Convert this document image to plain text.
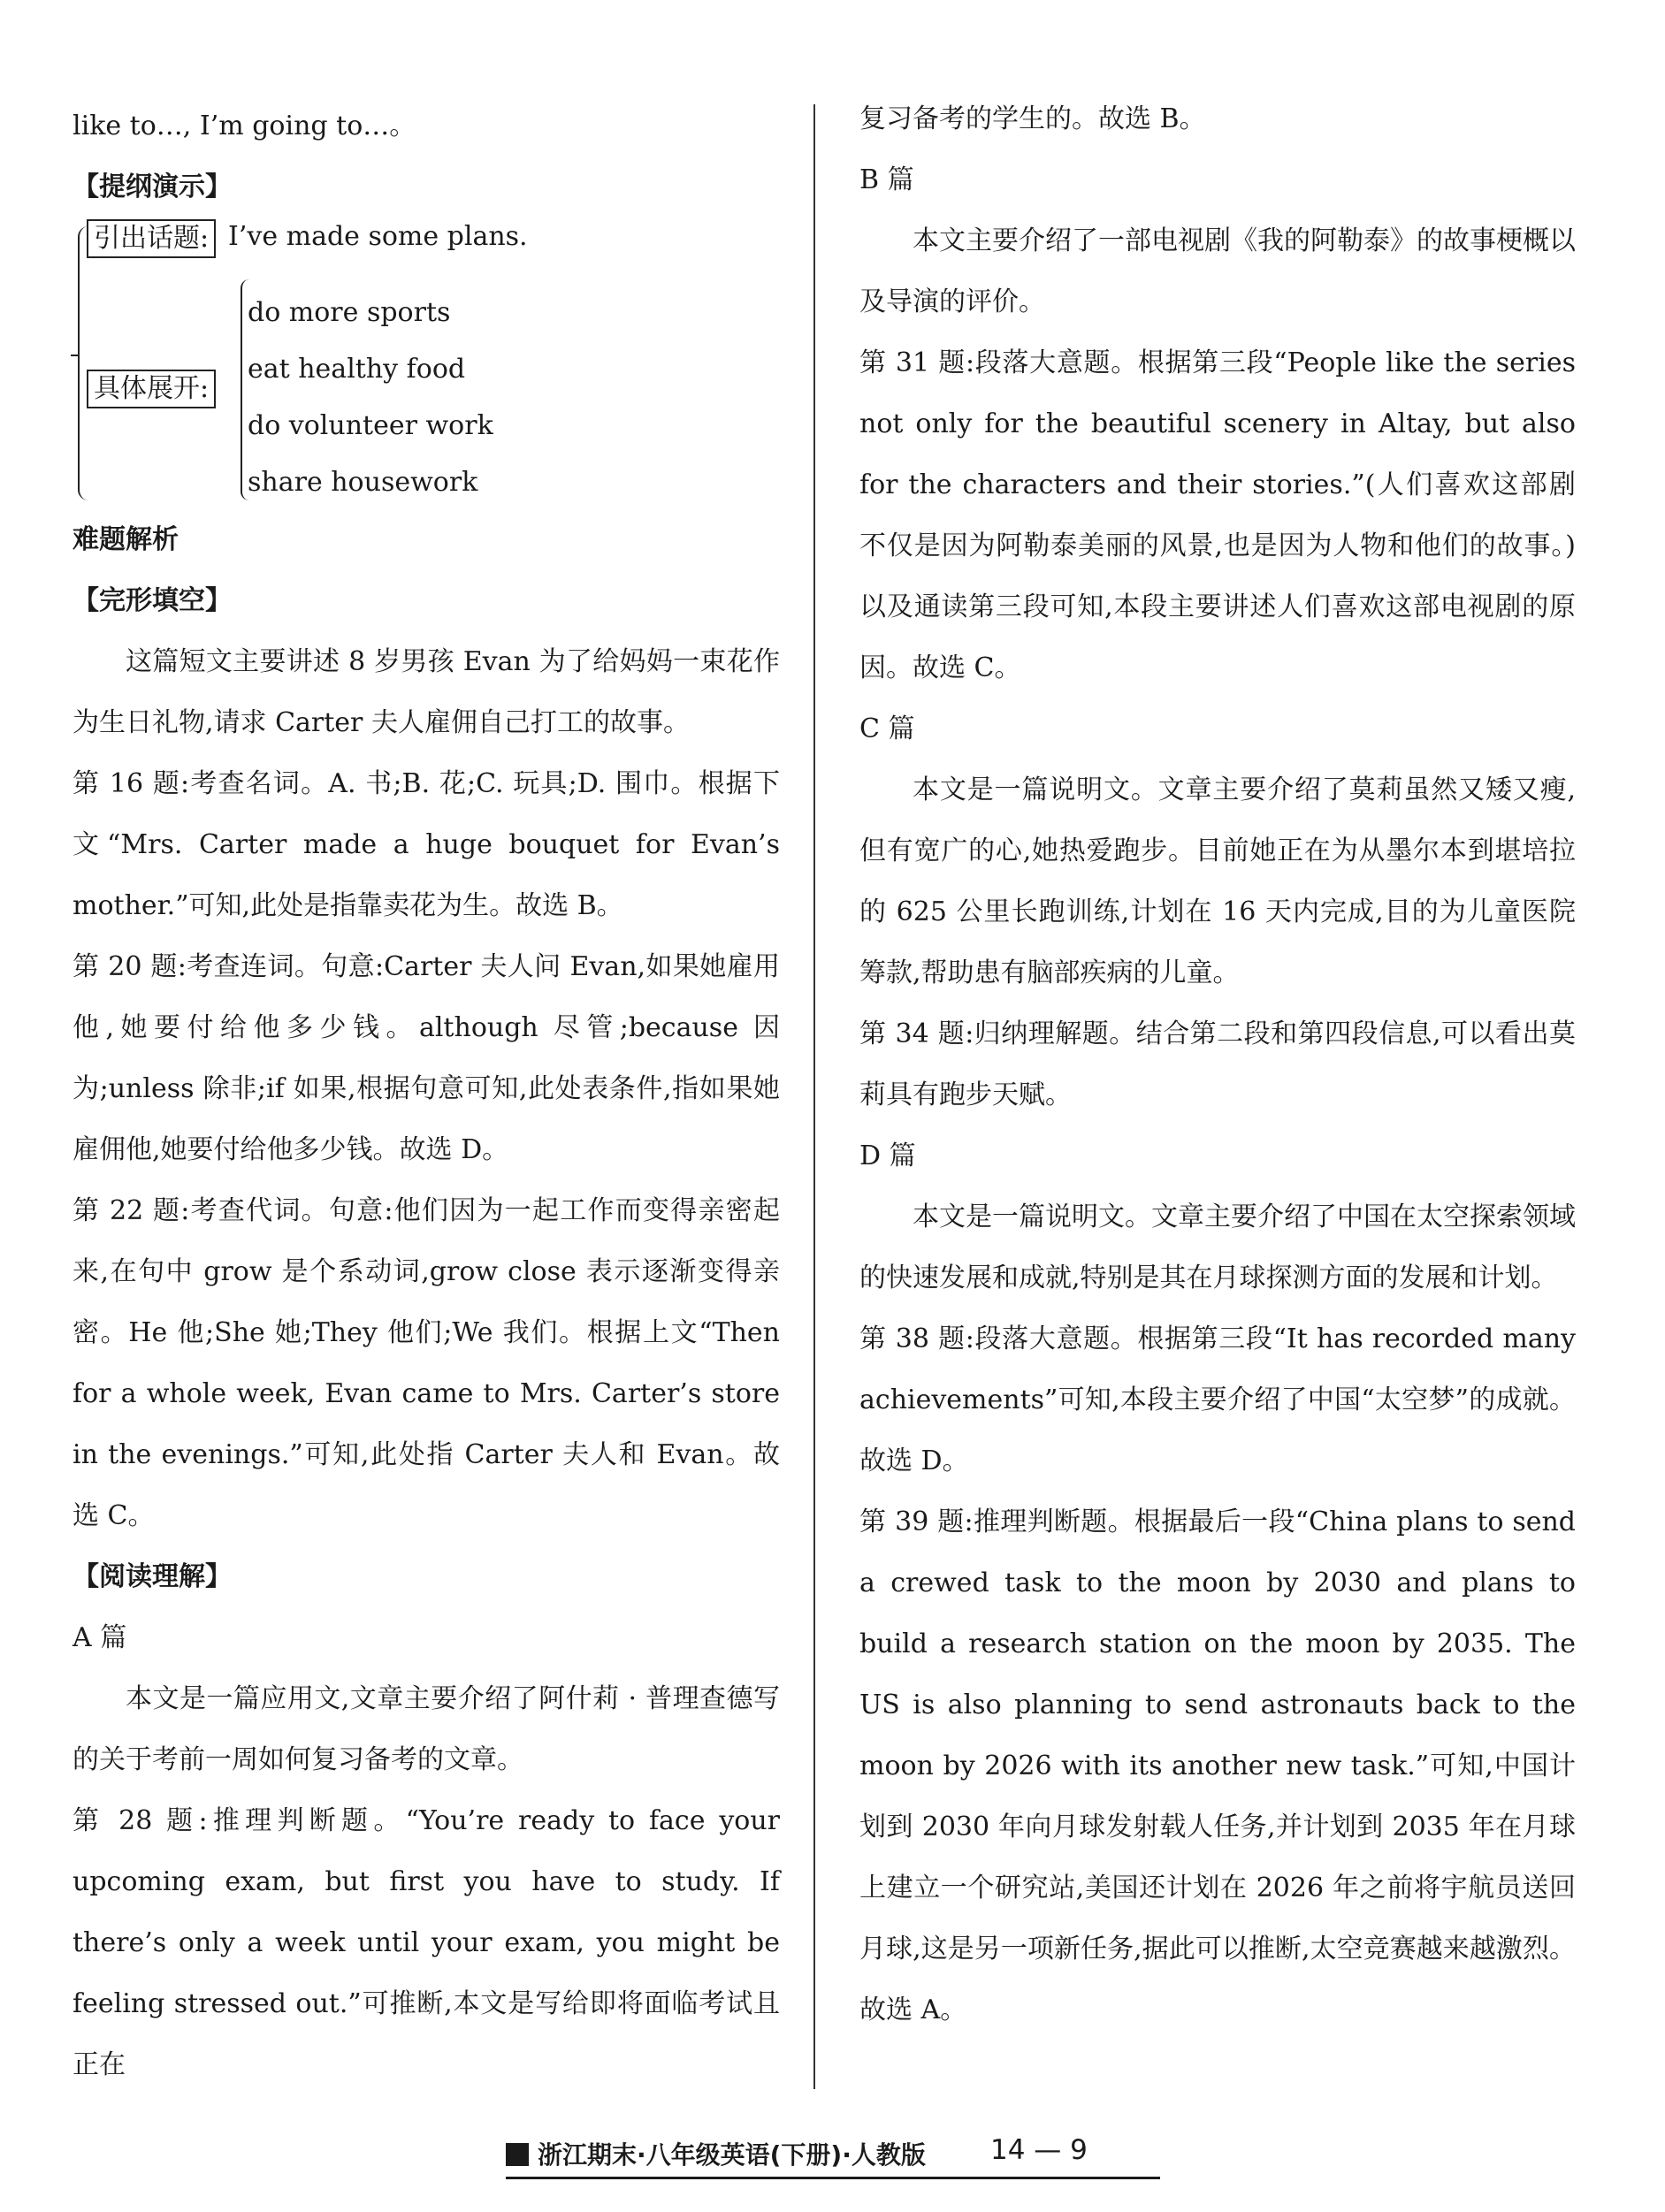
like to…, I’m going to…。

【提纲演示】

引出话题: I’ve made some plans.
具体展开:
do more sports
eat healthy food
do volunteer work
share housework

难题解析

【完形填空】

这篇短文主要讲述 8 岁男孩 Evan 为了给妈妈一束花作为生日礼物,请求 Carter 夫人雇佣自己打工的故事。

第 16 题:考查名词。A. 书;B. 花;C. 玩具;D. 围巾。根据下文“Mrs. Carter made a huge bouquet for Evan’s mother.”可知,此处是指靠卖花为生。故选 B。

第 20 题:考查连词。句意:Carter 夫人问 Evan,如果她雇用他,她要付给他多少钱。although 尽管;because 因为;unless 除非;if 如果,根据句意可知,此处表条件,指如果她雇佣他,她要付给他多少钱。故选 D。

第 22 题:考查代词。句意:他们因为一起工作而变得亲密起来,在句中 grow 是个系动词,grow close 表示逐渐变得亲密。He 他;She 她;They 他们;We 我们。根据上文“Then for a whole week, Evan came to Mrs. Carter’s store in the evenings.”可知,此处指 Carter 夫人和 Evan。故选 C。

【阅读理解】

A 篇

本文是一篇应用文,文章主要介绍了阿什莉 · 普理查德写的关于考前一周如何复习备考的文章。

第 28 题:推理判断题。“You’re ready to face your upcoming exam, but first you have to study. If there’s only a week until your exam, you might be feeling stressed out.”可推断,本文是写给即将面临考试且正在

复习备考的学生的。故选 B。

B 篇

本文主要介绍了一部电视剧《我的阿勒泰》的故事梗概以及导演的评价。

第 31 题:段落大意题。根据第三段“People like the series not only for the beautiful scenery in Altay, but also for the characters and their stories.”(人们喜欢这部剧不仅是因为阿勒泰美丽的风景,也是因为人物和他们的故事。)以及通读第三段可知,本段主要讲述人们喜欢这部电视剧的原因。故选 C。

C 篇

本文是一篇说明文。文章主要介绍了莫莉虽然又矮又瘦,但有宽广的心,她热爱跑步。目前她正在为从墨尔本到堪培拉的 625 公里长跑训练,计划在 16 天内完成,目的为儿童医院筹款,帮助患有脑部疾病的儿童。

第 34 题:归纳理解题。结合第二段和第四段信息,可以看出莫莉具有跑步天赋。

D 篇

本文是一篇说明文。文章主要介绍了中国在太空探索领域的快速发展和成就,特别是其在月球探测方面的发展和计划。

第 38 题:段落大意题。根据第三段“It has recorded many achievements”可知,本段主要介绍了中国“太空梦”的成就。故选 D。

第 39 题:推理判断题。根据最后一段“China plans to send a crewed task to the moon by 2030 and plans to build a research station on the moon by 2035. The US is also planning to send astronauts back to the moon by 2026 with its another new task.”可知,中国计划到 2030 年向月球发射载人任务,并计划到 2035 年在月球上建立一个研究站,美国还计划在 2026 年之前将宇航员送回月球,这是另一项新任务,据此可以推断,太空竞赛越来越激烈。故选 A。

浙江期末·八年级英语(下册)·人教版 14 — 9
